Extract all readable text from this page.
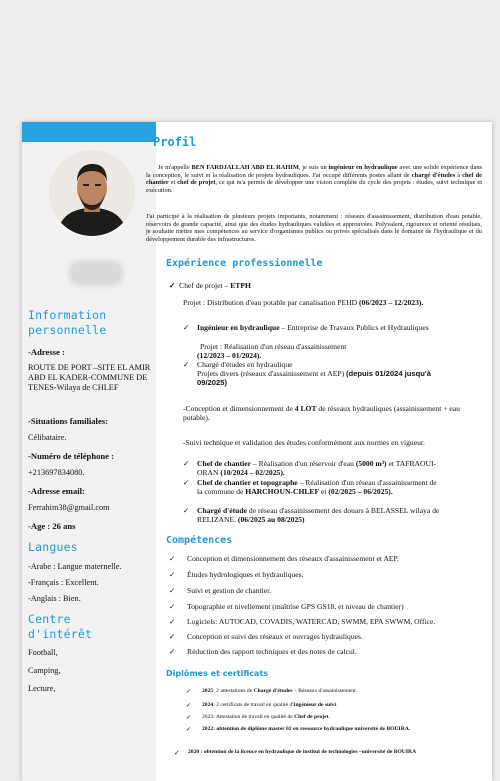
Information
personnelle
-Adresse :
ROUTE DE PORT –SITE EL AMIR ABD EL KADER-COMMUNE DE TENES-Wilaya de CHLEF
-Situations familiales:
Célibataire.
-Numéro de téléphone :
+213697834080.
-Adresse email:
Ferrahim38@gmail.com
-Age : 26 ans
Langues
-Arabe : Langue maternelle.
-Français : Excellent.
-Anglais : Bien.
Centre
d'intérêt
Football,
Camping,
Lecture,
Profil
Je m'appelle BEN FARDJALLAH ABD EL RAHIM, je suis un ingénieur en hydraulique avec une solide expérience dans la conception, le suivi et la réalisation de projets hydrauliques. J'ai occupé différents postes allant de chargé d'études à chef de chantier et chef de projet, ce qui m'a permis de développer une vision complète du cycle des projets : études, suivi technique et exécution.
J'ai participé à la réalisation de plusieurs projets importants, notamment : réseaux d'assainissement, distribution d'eau potable, réservoirs de grande capacité, ainsi que des études hydrauliques validées et approuvées. Polyvalent, rigoureux et orienté résultats, je souhaite mettre mes compétences au service d'organismes publics ou privés spécialisés dans le domaine de l'hydraulique et du développement durable des infrastructures.
Expérience professionnelle
✓ Chef de projet – ETPH
Projet : Distribution d'eau potable par canalisation PEHD (06/2023 – 12/2023).
✓ Ingénieur en hydraulique – Entreprise de Travaux Publics et Hydrauliques
Projet : Réalisation d'un réseau d'assainissement
(12/2023 – 01/2024).
✓ Chargé d'études en hydraulique
Projets divers (réseaux d'assainissement et AEP) (depuis 01/2024 jusqu'à 09/2025)
-Conception et dimensionnement de 4 LOT de réseaux hydrauliques (assainissement + eau potable).
-Suivi technique et validation des études conformément aux normes en vigueur.
✓ Chef de chantier – Réalisation d'un réservoir d'eau (5000 m³) et TAFRAOUI-ORAN (10/2024 – 02/2025).
✓ Chef de chantier et topographe – Réalisation d'un réseau d'assainissement de la commune de HARCHOUN-CHLEF et (02/2025 – 06/2025).
✓ Chargé d'étude de réseau d'assainissement des douars à BELASSEL wilaya de RELIZANE. (06/2025 au 08/2025)
Compétences
✓ Conception et dimensionnement des réseaux d'assainissement et AEP.
✓ Études hydrologiques et hydrauliques.
✓ Suivi et gestion de chantier.
✓ Topographie et nivellement (maîtrise GPS GS18, et niveau de chantier)
✓ Logiciels: AUTOCAD, COVADIS, WATERCAD, SWMM, EPA SWWM, Office.
✓ Conception et suivi des réseaux et ouvrages hydrauliques.
✓ Réduction des rapport techniques et des notes de calcul.
Diplômes et certificats
✓ 2025: 2 attestations de Chargé d'études – Réseaux d'assainissement.
✓ 2024: 2 certificats de travail en qualité d'Ingénieur de suivi.
✓ 2023: Attestation de travail en qualité de Chef de projet.
✓ 2022: obtention de diplôme master 02 en ressource hydraulique université de BOUIRA.
✓ 2020 : obtention de la licence en hydraulique de institut de technologies –université de BOUIRA
